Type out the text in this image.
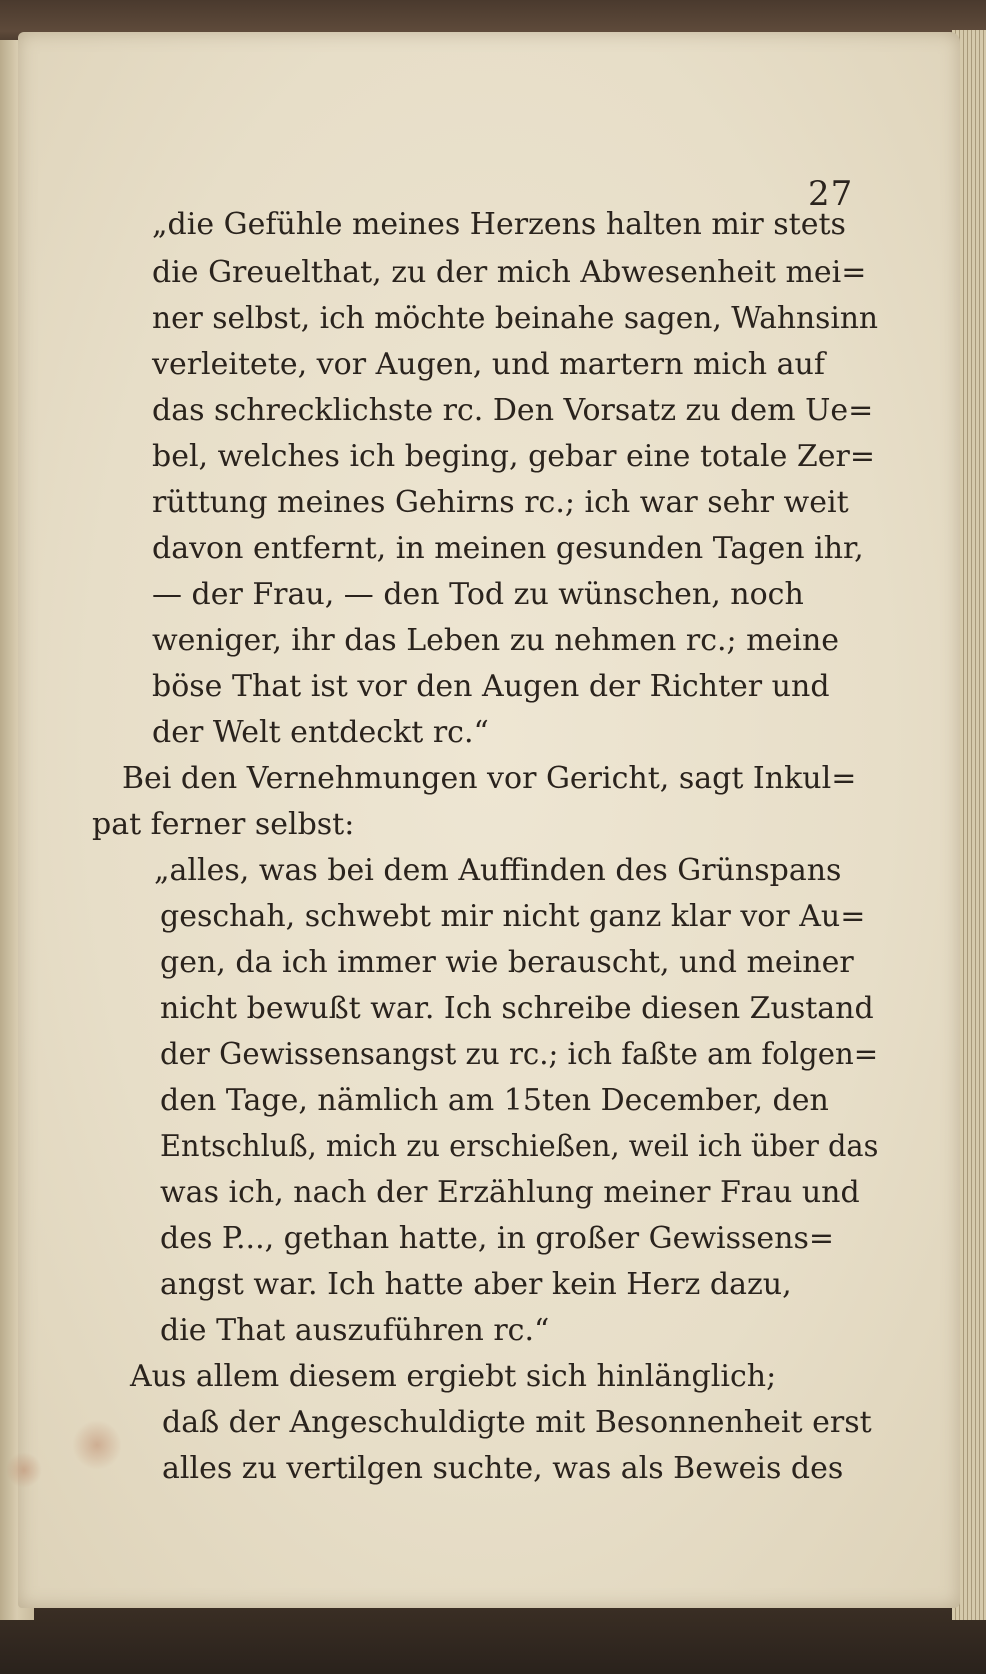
27
„die Gefühle meines Herzens halten mir stets
die Greuelthat, zu der mich Abwesenheit mei=
ner selbst, ich möchte beinahe sagen, Wahnsinn
verleitete, vor Augen, und martern mich auf
das schrecklichste rc. Den Vorsatz zu dem Ue=
bel, welches ich beging, gebar eine totale Zer=
rüttung meines Gehirns rc.; ich war sehr weit
davon entfernt, in meinen gesunden Tagen ihr,
— der Frau, — den Tod zu wünschen, noch
weniger, ihr das Leben zu nehmen rc.; meine
böse That ist vor den Augen der Richter und
der Welt entdeckt rc.“
Bei den Vernehmungen vor Gericht, sagt Inkul=
pat ferner selbst:
„alles, was bei dem Auffinden des Grünspans
geschah, schwebt mir nicht ganz klar vor Au=
gen, da ich immer wie berauscht, und meiner
nicht bewußt war. Ich schreibe diesen Zustand
der Gewissensangst zu rc.; ich faßte am folgen=
den Tage, nämlich am 15ten December, den
Entschluß, mich zu erschießen, weil ich über das
was ich, nach der Erzählung meiner Frau und
des P..., gethan hatte, in großer Gewissens=
angst war. Ich hatte aber kein Herz dazu,
die That auszuführen rc.“
Aus allem diesem ergiebt sich hinlänglich;
daß der Angeschuldigte mit Besonnenheit erst
alles zu vertilgen suchte, was als Beweis des
